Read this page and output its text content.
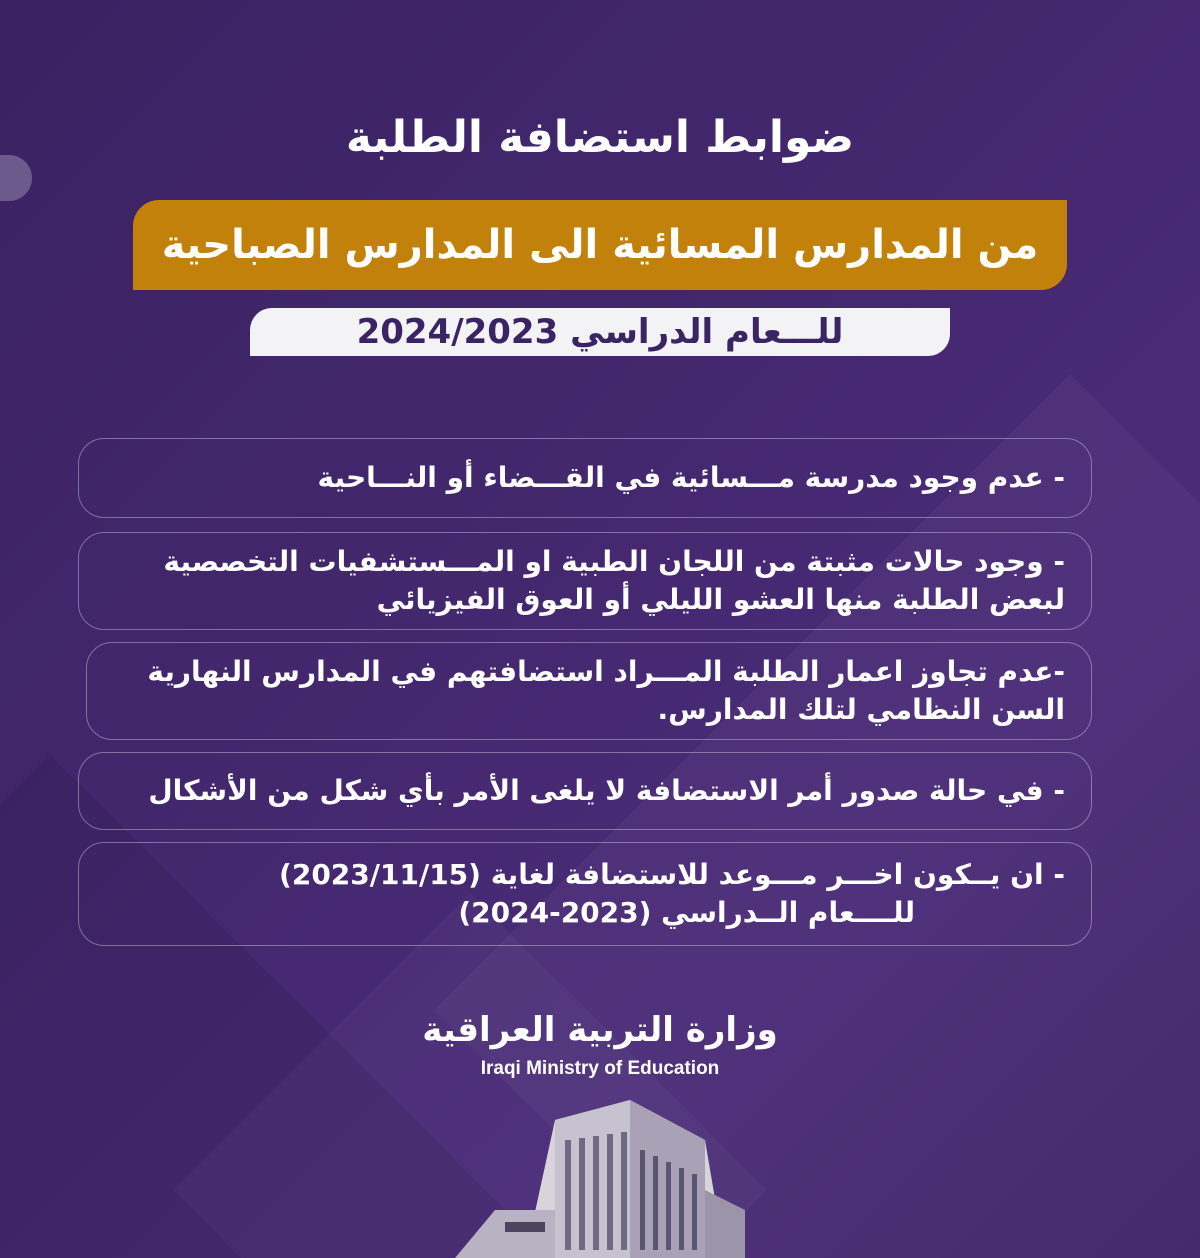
ضوابط استضافة الطلبة
من المدارس المسائية الى المدارس الصباحية
للـــعام الدراسي 2024/2023
- عدم وجود مدرسة مـــسائية في القـــضاء أو النـــاحية
- وجود حالات مثبتة من اللجان الطبية او المـــستشفيات التخصصية
لبعض الطلبة منها العشو الليلي أو العوق الفيزيائي
-عدم تجاوز اعمار الطلبة المـــراد استضافتهم في المدارس النهارية
السن النظامي لتلك المدارس.
- في حالة صدور أمر الاستضافة لا يلغى الأمر بأي شكل من الأشكال
- ان يــكون اخـــر مـــوعد للاستضافة لغاية (2023/11/15)
للــــعام الــدراسي (2023-2024)
وزارة التربية العراقية
Iraqi Ministry of Education
